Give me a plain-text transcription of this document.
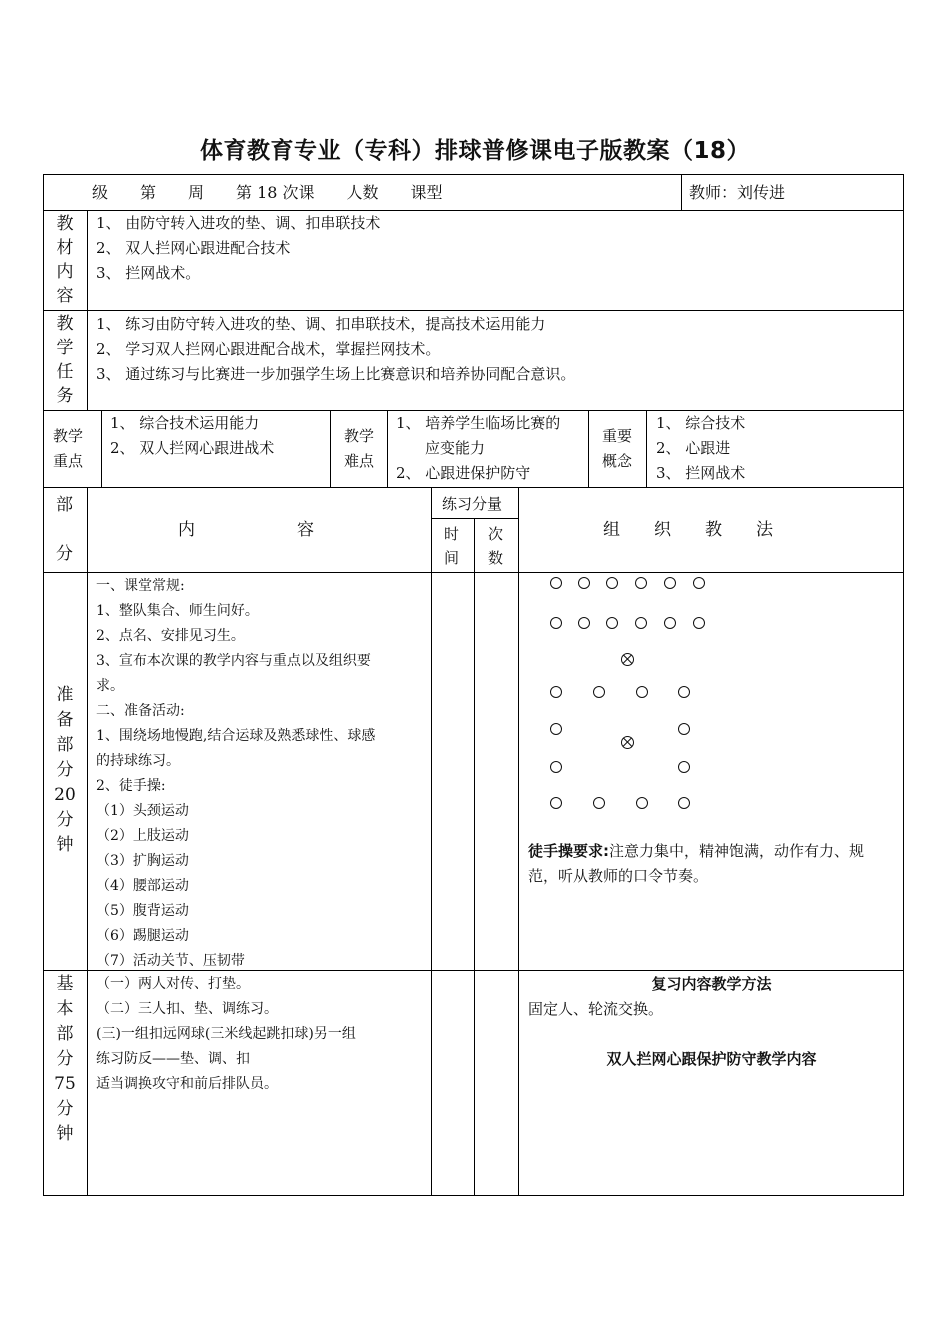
体育教育专业（专科）排球普修课电子版教案（18）
级　　第　　周　　第 18 次课　　人数　　课型	教师：刘传进
教
材
内
容
1、 由防守转入进攻的垫、调、扣串联技术
2、 双人拦网心跟进配合技术
3、 拦网战术。
教
学
任
务
1、 练习由防守转入进攻的垫、调、扣串联技术，提高技术运用能力
2、 学习双人拦网心跟进配合战术，掌握拦网技术。
3、 通过练习与比赛进一步加强学生场上比赛意识和培养协同配合意识。
教学
重点
1、 综合技术运用能力
2、 双人拦网心跟进战术
教学
难点
1、 培养学生临场比赛的
应变能力
2、 心跟进保护防守
重要
概念
1、 综合技术
2、 心跟进
3、 拦网战术
部
分
内　　　　　　容
练习分量
时
间
次
数
组　　织　　教　　法
准
备
部
分
20
分
钟
一、课堂常规:
1、整队集合、师生问好。
2、点名、安排见习生。
3、宣布本次课的教学内容与重点以及组织要
求。
二、准备活动:
1、围绕场地慢跑,结合运球及熟悉球性、球感
的持球练习。
2、徒手操:
（1）头颈运动
（2）上肢运动
（3）扩胸运动
（4）腰部运动
（5）腹背运动
（6）踢腿运动
（7）活动关节、压韧带
徒手操要求:注意力集中，精神饱满，动作有力、规
范，听从教师的口令节奏。
基
本
部
分
75
分
钟
（一）两人对传、打垫。
（二）三人扣、垫、调练习。
(三)一组扣远网球(三米线起跳扣球)另一组
练习防反——垫、调、扣
适当调换攻守和前后排队员。
复习内容教学方法
固定人、轮流交换。
双人拦网心跟保护防守教学内容
